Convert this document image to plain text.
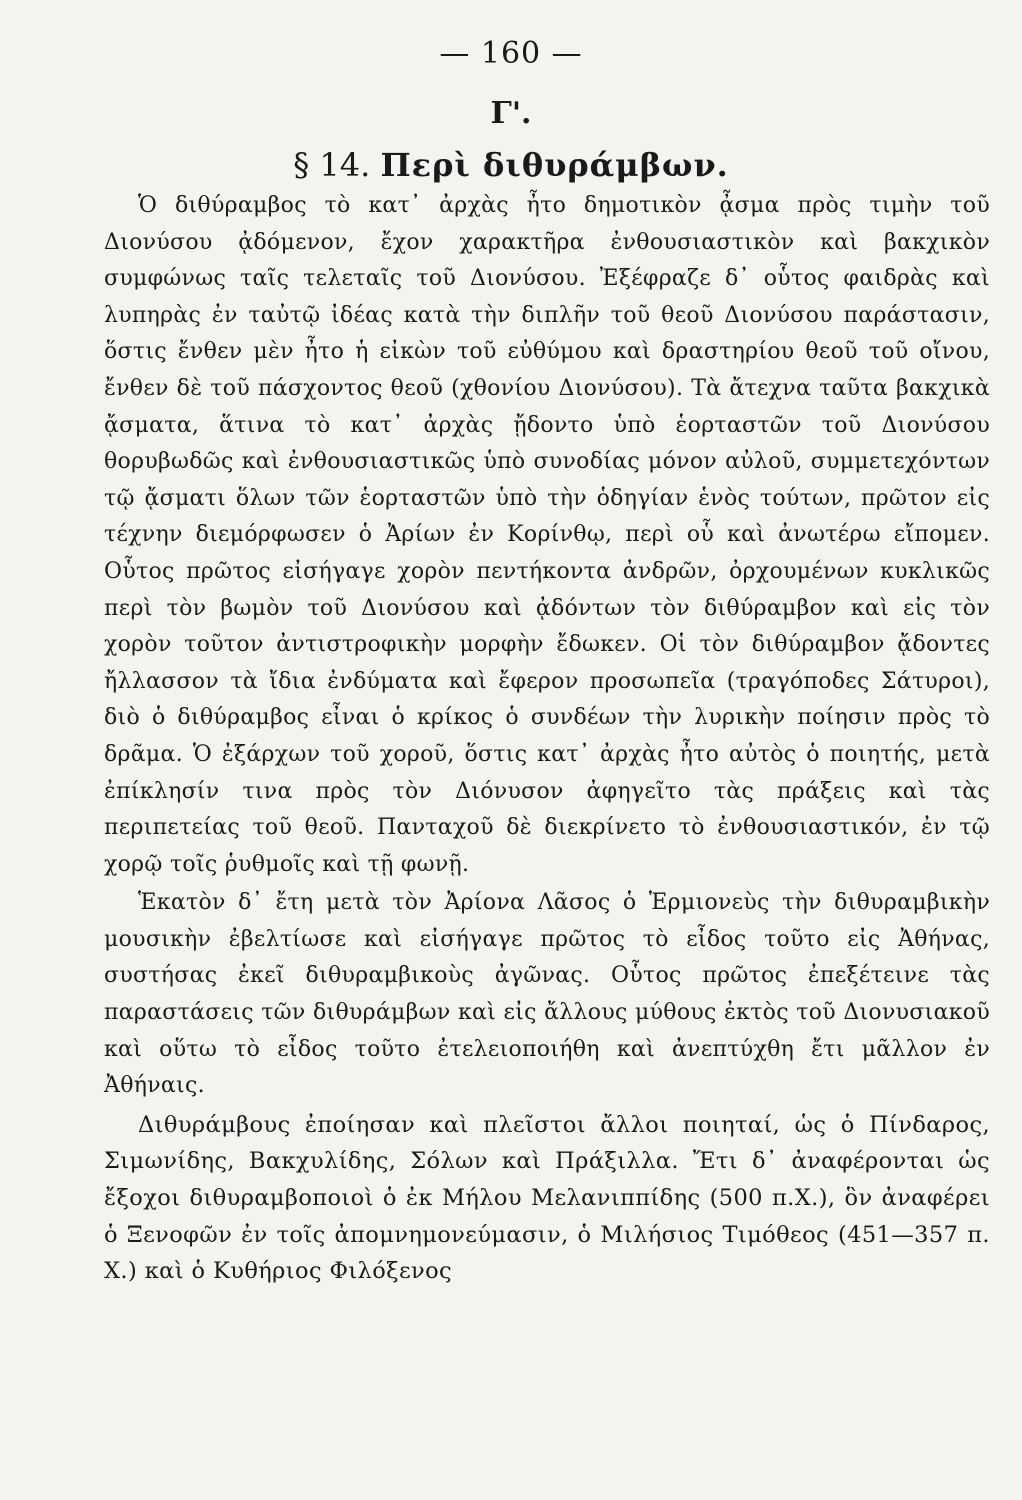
— 160 —
Γ'.
§ 14. Περὶ διθυράμβων.

Ὁ διθύραμβος τὸ κατ᾽ ἀρχὰς ἦτο δημοτικὸν ᾆσμα πρὸς τιμὴν τοῦ Διονύσου ᾀδόμενον, ἔχον χαρακτῆρα ἐνθουσιαστικὸν καὶ βακχικὸν συμφώνως ταῖς τελεταῖς τοῦ Διονύσου. Ἐξέφραζε δ᾽ οὗτος φαιδρὰς καὶ λυπηρὰς ἐν ταὐτῷ ἰδέας κατὰ τὴν διπλῆν τοῦ θεοῦ Διονύσου παράστασιν, ὅστις ἔνθεν μὲν ἦτο ἡ εἰκὼν τοῦ εὐθύμου καὶ δραστηρίου θεοῦ τοῦ οἴνου, ἔνθεν δὲ τοῦ πάσχοντος θεοῦ (χθονίου Διονύσου). Τὰ ἄτεχνα ταῦτα βακχικὰ ᾄσματα, ἅτινα τὸ κατ᾽ ἀρχὰς ᾔδοντο ὑπὸ ἑορταστῶν τοῦ Διονύσου θορυβωδῶς καὶ ἐνθουσιαστικῶς ὑπὸ συνοδίας μόνον αὐλοῦ, συμμετεχόντων τῷ ᾄσματι ὅλων τῶν ἑορταστῶν ὑπὸ τὴν ὁδηγίαν ἑνὸς τούτων, πρῶτον εἰς τέχνην διεμόρφωσεν ὁ Ἀρίων ἐν Κορίνθῳ, περὶ οὗ καὶ ἀνωτέρω εἴπομεν. Οὗτος πρῶτος εἰσήγαγε χορὸν πεντήκοντα ἀνδρῶν, ὀρχουμένων κυκλικῶς περὶ τὸν βωμὸν τοῦ Διονύσου καὶ ᾀδόντων τὸν διθύραμβον καὶ εἰς τὸν χορὸν τοῦτον ἀντιστροφικὴν μορφὴν ἔδωκεν. Οἱ τὸν διθύραμβον ᾄδοντες ἤλλασσον τὰ ἴδια ἐνδύματα καὶ ἔφερον προσωπεῖα (τραγόποδες Σάτυροι), διὸ ὁ διθύραμβος εἶναι ὁ κρίκος ὁ συνδέων τὴν λυρικὴν ποίησιν πρὸς τὸ δρᾶμα. Ὁ ἐξάρχων τοῦ χοροῦ, ὅστις κατ᾽ ἀρχὰς ἦτο αὐτὸς ὁ ποιητής, μετὰ ἐπίκλησίν τινα πρὸς τὸν Διόνυσον ἀφηγεῖτο τὰς πράξεις καὶ τὰς περιπετείας τοῦ θεοῦ. Πανταχοῦ δὲ διεκρίνετο τὸ ἐνθουσιαστικόν, ἐν τῷ χορῷ τοῖς ῥυθμοῖς καὶ τῇ φωνῇ.

Ἑκατὸν δ᾽ ἔτη μετὰ τὸν Ἀρίονα Λᾶσος ὁ Ἑρμιονεὺς τὴν διθυραμβικὴν μουσικὴν ἐβελτίωσε καὶ εἰσήγαγε πρῶτος τὸ εἶδος τοῦτο εἰς Ἀθήνας, συστήσας ἐκεῖ διθυραμβικοὺς ἀγῶνας. Οὗτος πρῶτος ἐπεξέτεινε τὰς παραστάσεις τῶν διθυράμβων καὶ εἰς ἄλλους μύθους ἐκτὸς τοῦ Διονυσιακοῦ καὶ οὕτω τὸ εἶδος τοῦτο ἐτελειοποιήθη καὶ ἀνεπτύχθη ἔτι μᾶλλον ἐν Ἀθήναις.

Διθυράμβους ἐποίησαν καὶ πλεῖστοι ἄλλοι ποιηταί, ὡς ὁ Πίνδαρος, Σιμωνίδης, Βακχυλίδης, Σόλων καὶ Πράξιλλα. Ἔτι δ᾽ ἀναφέρονται ὡς ἔξοχοι διθυραμβοποιοὶ ὁ ἐκ Μήλου Μελανιππίδης (500 π.Χ.), ὃν ἀναφέρει ὁ Ξενοφῶν ἐν τοῖς ἀπομνημονεύμασιν, ὁ Μιλήσιος Τιμόθεος (451—357 π. Χ.) καὶ ὁ Κυθήριος Φιλόξενος
